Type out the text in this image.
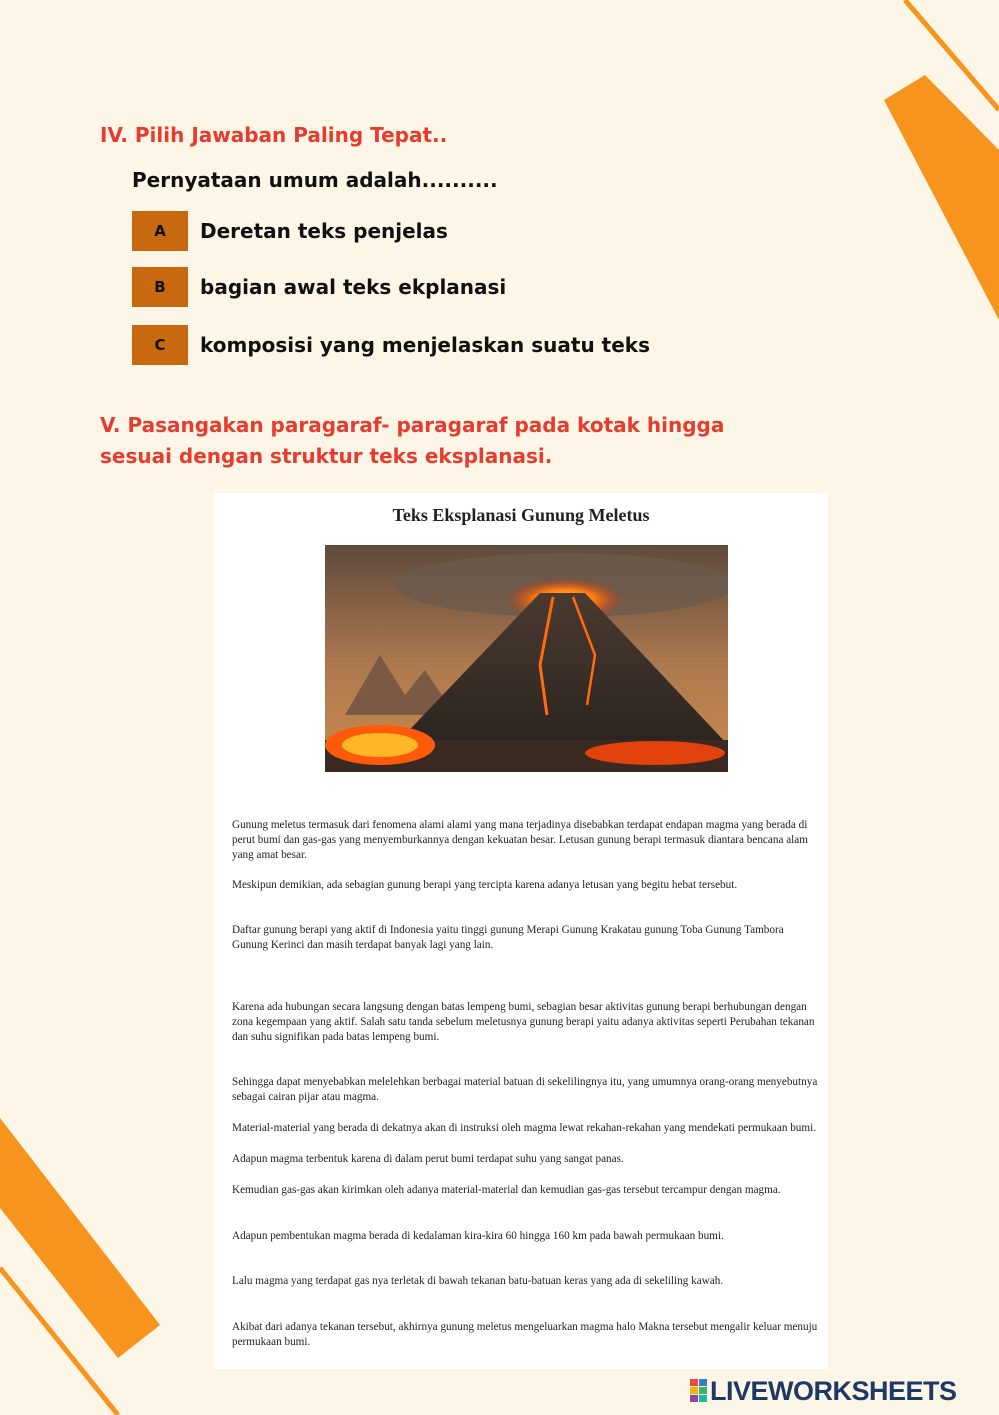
IV. Pilih Jawaban Paling Tepat..
Pernyataan umum adalah..........
A	Deretan teks penjelas
B	bagian awal teks ekplanasi
C	komposisi yang menjelaskan suatu teks
V. Pasangakan paragaraf- paragaraf pada kotak hingga sesuai dengan struktur teks eksplanasi.
Teks Eksplanasi Gunung Meletus

Gunung meletus termasuk dari fenomena alami alami yang mana terjadinya disebabkan terdapat endapan magma yang berada di perut bumi dan gas-gas yang menyemburkannya dengan kekuatan besar. Letusan gunung berapi termasuk diantara bencana alam yang amat besar.

Meskipun demikian, ada sebagian gunung berapi yang tercipta karena adanya letusan yang begitu hebat tersebut.

Daftar gunung berapi yang aktif di Indonesia yaitu tinggi gunung Merapi Gunung Krakatau gunung Toba Gunung Tambora Gunung Kerinci dan masih terdapat banyak lagi yang lain.

Karena ada hubungan secara langsung dengan batas lempeng bumi, sebagian besar aktivitas gunung berapi berhubungan dengan zona kegempaan yang aktif. Salah satu tanda sebelum meletusnya gunung berapi yaitu adanya aktivitas seperti Perubahan tekanan dan suhu signifikan pada batas lempeng bumi.

Sehingga dapat menyebabkan melelehkan berbagai material batuan di sekelilingnya itu, yang umumnya orang-orang menyebutnya sebagai cairan pijar atau magma.

Material-material yang berada di dekatnya akan di instruksi oleh magma lewat rekahan-rekahan yang mendekati permukaan bumi.

Adapun magma terbentuk karena di dalam perut bumi terdapat suhu yang sangat panas.

Kemudian gas-gas akan kirimkan oleh adanya material-material dan kemudian gas-gas tersebut tercampur dengan magma.

Adapun pembentukan magma berada di kedalaman kira-kira 60 hingga 160 km pada bawah permukaan bumi.

Lalu magma yang terdapat gas nya terletak di bawah tekanan batu-batuan keras yang ada di sekeliling kawah.

Akibat dari adanya tekanan tersebut, akhirnya gunung meletus mengeluarkan magma halo Makna tersebut mengalir keluar menuju permukaan bumi.

LIVEWORKSHEETS
